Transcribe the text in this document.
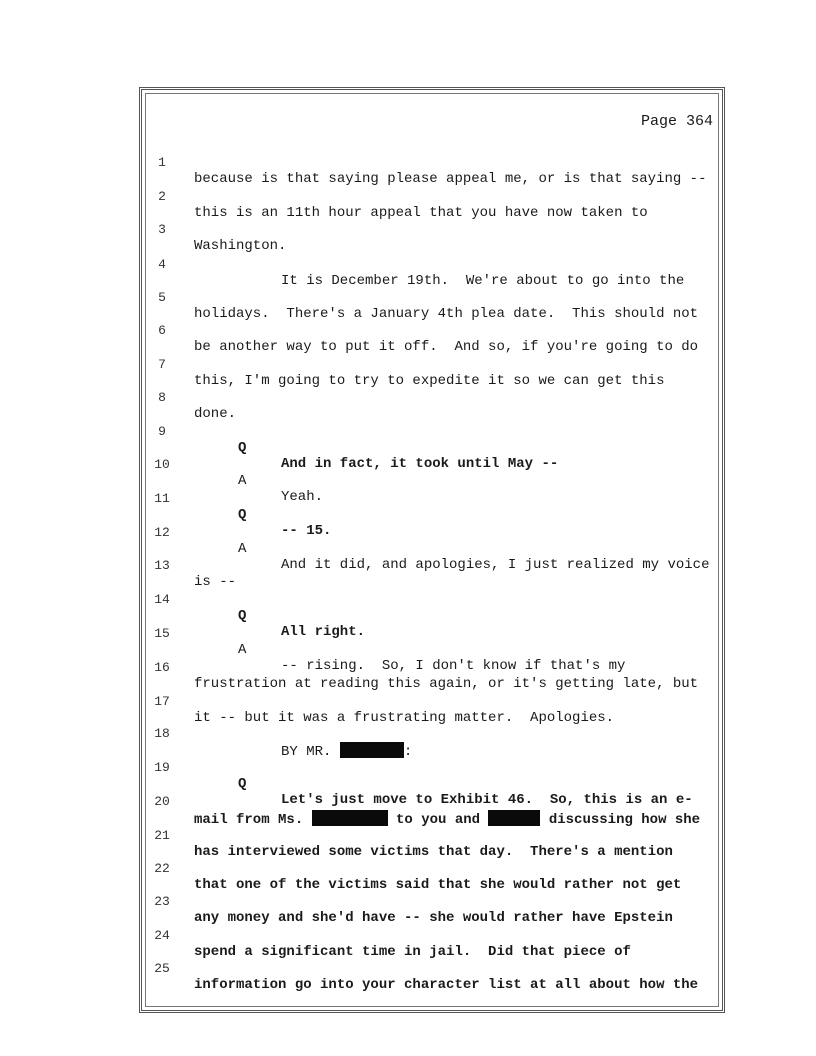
Page 364

1

because is that saying please appeal me, or is that saying --

2

this is an 11th hour appeal that you have now taken to

3

Washington.

4

It is December 19th.  We're about to go into the

5

holidays.  There's a January 4th plea date.  This should not

6

be another way to put it off.  And so, if you're going to do

7

this, I'm going to try to expedite it so we can get this

8

done.

9

Q

And in fact, it took until May --

10

A

Yeah.

11

Q

-- 15.

12

A

And it did, and apologies, I just realized my voice

13

is --

14

Q

All right.

15

A

-- rising.  So, I don't know if that's my

16

frustration at reading this again, or it's getting late, but

17

it -- but it was a frustrating matter.  Apologies.

18

BY MR.	:

19

Q

Let's just move to Exhibit 46.  So, this is an e-

20

mail from Ms.	to you and	discussing how she

21

has interviewed some victims that day.  There's a mention

22

that one of the victims said that she would rather not get

23

any money and she'd have -- she would rather have Epstein

24

spend a significant time in jail.  Did that piece of

25

information go into your character list at all about how the
